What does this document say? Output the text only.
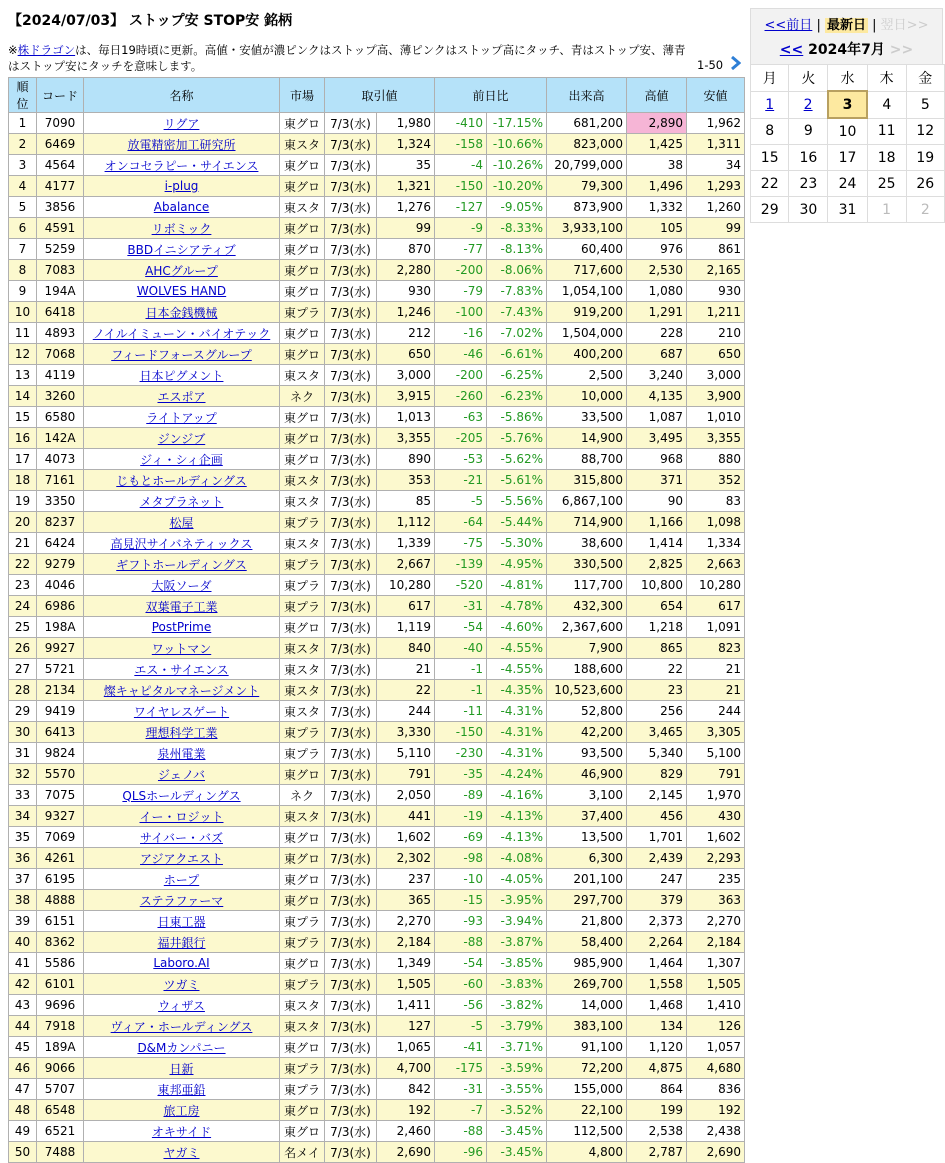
【2024/07/03】 ストップ安 STOP安 銘柄
※株ドラゴンは、毎日19時頃に更新。高値・安値が濃ピンクはストップ高、薄ピンクはストップ高にタッチ、青はストップ安、薄青はストップ安にタッチを意味します。	1-50
順位	コード	名称	市場	取引値		前日比		出来高	高値	安値
1	7090	リグア	東グロ	7/3(水)	1,980	-410	-17.15%	681,200	2,890	1,962
2	6469	放電精密加工研究所	東スタ	7/3(水)	1,324	-158	-10.66%	823,000	1,425	1,311
3	4564	オンコセラピー・サイエンス	東グロ	7/3(水)	35	-4	-10.26%	20,799,000	38	34
4	4177	i-plug	東グロ	7/3(水)	1,321	-150	-10.20%	79,300	1,496	1,293
5	3856	Abalance	東スタ	7/3(水)	1,276	-127	-9.05%	873,900	1,332	1,260
6	4591	リボミック	東グロ	7/3(水)	99	-9	-8.33%	3,933,100	105	99
7	5259	BBDイニシアティブ	東グロ	7/3(水)	870	-77	-8.13%	60,400	976	861
8	7083	AHCグループ	東グロ	7/3(水)	2,280	-200	-8.06%	717,600	2,530	2,165
9	194A	WOLVES HAND	東グロ	7/3(水)	930	-79	-7.83%	1,054,100	1,080	930
10	6418	日本金銭機械	東プラ	7/3(水)	1,246	-100	-7.43%	919,200	1,291	1,211
11	4893	ノイルイミューン・バイオテック	東グロ	7/3(水)	212	-16	-7.02%	1,504,000	228	210
12	7068	フィードフォースグループ	東グロ	7/3(水)	650	-46	-6.61%	400,200	687	650
13	4119	日本ピグメント	東スタ	7/3(水)	3,000	-200	-6.25%	2,500	3,240	3,000
14	3260	エスポア	ネク	7/3(水)	3,915	-260	-6.23%	10,000	4,135	3,900
15	6580	ライトアップ	東グロ	7/3(水)	1,013	-63	-5.86%	33,500	1,087	1,010
16	142A	ジンジブ	東グロ	7/3(水)	3,355	-205	-5.76%	14,900	3,495	3,355
17	4073	ジィ・シィ企画	東グロ	7/3(水)	890	-53	-5.62%	88,700	968	880
18	7161	じもとホールディングス	東スタ	7/3(水)	353	-21	-5.61%	315,800	371	352
19	3350	メタプラネット	東スタ	7/3(水)	85	-5	-5.56%	6,867,100	90	83
20	8237	松屋	東プラ	7/3(水)	1,112	-64	-5.44%	714,900	1,166	1,098
21	6424	高見沢サイバネティックス	東スタ	7/3(水)	1,339	-75	-5.30%	38,600	1,414	1,334
22	9279	ギフトホールディングス	東プラ	7/3(水)	2,667	-139	-4.95%	330,500	2,825	2,663
23	4046	大阪ソーダ	東プラ	7/3(水)	10,280	-520	-4.81%	117,700	10,800	10,280
24	6986	双葉電子工業	東プラ	7/3(水)	617	-31	-4.78%	432,300	654	617
25	198A	PostPrime	東グロ	7/3(水)	1,119	-54	-4.60%	2,367,600	1,218	1,091
26	9927	ワットマン	東スタ	7/3(水)	840	-40	-4.55%	7,900	865	823
27	5721	エス・サイエンス	東スタ	7/3(水)	21	-1	-4.55%	188,600	22	21
28	2134	燦キャピタルマネージメント	東スタ	7/3(水)	22	-1	-4.35%	10,523,600	23	21
29	9419	ワイヤレスゲート	東スタ	7/3(水)	244	-11	-4.31%	52,800	256	244
30	6413	理想科学工業	東プラ	7/3(水)	3,330	-150	-4.31%	42,200	3,465	3,305
31	9824	泉州電業	東プラ	7/3(水)	5,110	-230	-4.31%	93,500	5,340	5,100
32	5570	ジェノバ	東グロ	7/3(水)	791	-35	-4.24%	46,900	829	791
33	7075	QLSホールディングス	ネク	7/3(水)	2,050	-89	-4.16%	3,100	2,145	1,970
34	9327	イー・ロジット	東スタ	7/3(水)	441	-19	-4.13%	37,400	456	430
35	7069	サイバー・バズ	東グロ	7/3(水)	1,602	-69	-4.13%	13,500	1,701	1,602
36	4261	アジアクエスト	東グロ	7/3(水)	2,302	-98	-4.08%	6,300	2,439	2,293
37	6195	ホープ	東グロ	7/3(水)	237	-10	-4.05%	201,100	247	235
38	4888	ステラファーマ	東グロ	7/3(水)	365	-15	-3.95%	297,700	379	363
39	6151	日東工器	東プラ	7/3(水)	2,270	-93	-3.94%	21,800	2,373	2,270
40	8362	福井銀行	東プラ	7/3(水)	2,184	-88	-3.87%	58,400	2,264	2,184
41	5586	Laboro.AI	東グロ	7/3(水)	1,349	-54	-3.85%	985,900	1,464	1,307
42	6101	ツガミ	東プラ	7/3(水)	1,505	-60	-3.83%	269,700	1,558	1,505
43	9696	ウィザス	東スタ	7/3(水)	1,411	-56	-3.82%	14,000	1,468	1,410
44	7918	ヴィア・ホールディングス	東スタ	7/3(水)	127	-5	-3.79%	383,100	134	126
45	189A	D&Mカンパニー	東グロ	7/3(水)	1,065	-41	-3.71%	91,100	1,120	1,057
46	9066	日新	東プラ	7/3(水)	4,700	-175	-3.59%	72,200	4,875	4,680
47	5707	東邦亜鉛	東プラ	7/3(水)	842	-31	-3.55%	155,000	864	836
48	6548	旅工房	東グロ	7/3(水)	192	-7	-3.52%	22,100	199	192
49	6521	オキサイド	東グロ	7/3(水)	2,460	-88	-3.45%	112,500	2,538	2,438
50	7488	ヤガミ	名メイ	7/3(水)	2,690	-96	-3.45%	4,800	2,787	2,690
<<前日 | 最新日 | 翌日>>
<< 2024年7月 >>
月	火	水	木	金
1	2	3	4	5
8	9	10	11	12
15	16	17	18	19
22	23	24	25	26
29	30	31	1	2
